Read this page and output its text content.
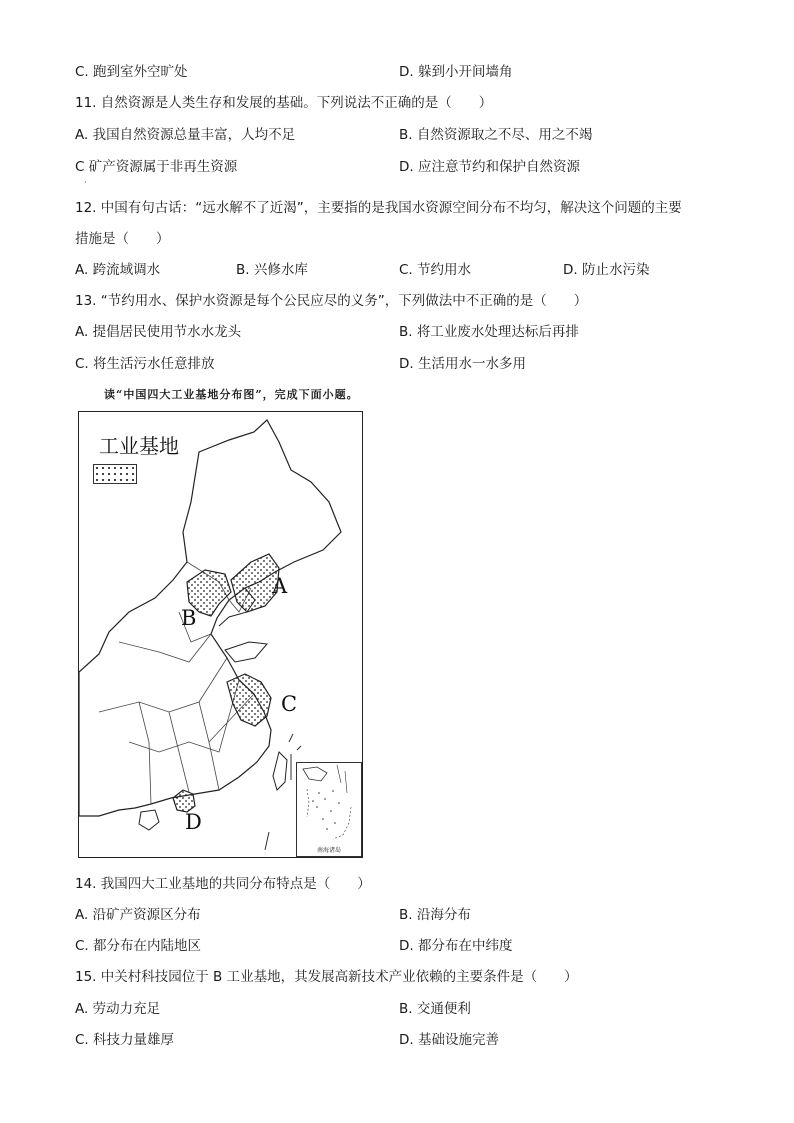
C. 跑到室外空旷处	D. 躲到小开间墙角
11. 自然资源是人类生存和发展的基础。下列说法不正确的是（　　）
A. 我国自然资源总量丰富，人均不足	B. 自然资源取之不尽、用之不竭
C 矿产资源属于非再生资源	D. 应注意节约和保护自然资源
·
12. 中国有句古话：“远水解不了近渴”，主要指的是我国水资源空间分布不均匀，解决这个问题的主要
措施是（　　）
A. 跨流域调水	B. 兴修水库	C. 节约用水	D. 防止水污染
13. “节约用水、保护水资源是每个公民应尽的义务”，下列做法中不正确的是（　　）
A. 提倡居民使用节水水龙头	B. 将工业废水处理达标后再排
C. 将生活污水任意排放	D. 生活用水一水多用
读“中国四大工业基地分布图”，完成下面小题。
工业基地
A
B
C
D
南海诸岛
14. 我国四大工业基地的共同分布特点是（　　）
A. 沿矿产资源区分布	B. 沿海分布
C. 都分布在内陆地区	D. 都分布在中纬度
15. 中关村科技园位于 B 工业基地，其发展高新技术产业依赖的主要条件是（　　）
A. 劳动力充足	B. 交通便利
C. 科技力量雄厚	D. 基础设施完善
